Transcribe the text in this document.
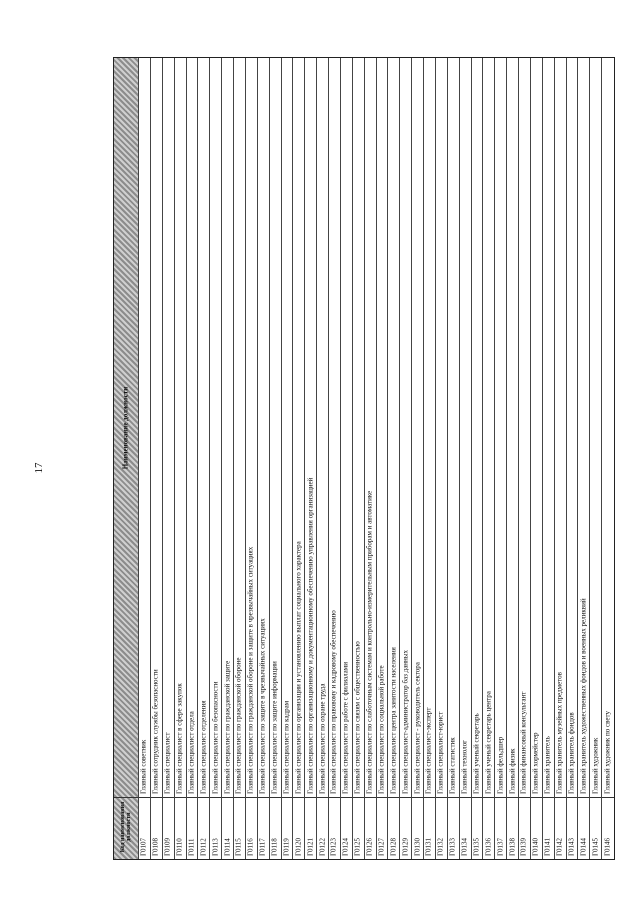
17	Наименование должности
Код наименования должности
Главный советник
Г0107
Главный сотрудник службы безопасности
Г0108
Главный специалист
Г0109
Главный специалист в сфере закупок
Г0110
Главный специалист отдела
Г0111
Главный специалист отделения
Г0112
Главный специалист по безопасности
Г0113
Главный специалист по гражданской защите
Г0114
Главный специалист по гражданской обороне
Г0115
Главный специалист по гражданской обороне и защите в чрезвычайных ситуациях
Г0116
Главный специалист по защите в чрезвычайных ситуациях
Г0117
Главный специалист по защите информации
Г0118
Главный специалист по кадрам
Г0119
Главный специалист по организации и установлению выплат социального характера
Г0120
Главный специалист по организационному и документационному обеспечению управления организацией
Г0121
Главный специалист по охране труда
Г0122
Главный специалист по правовому и кадровому обеспечению
Г0123
Главный специалист по работе с филиалами
Г0124
Главный специалист по связям с общественностью
Г0125
Главный специалист по слаботочным системам и контрольно-измерительным приборам и автоматике
Г0126
Главный специалист по социальной работе
Г0127
Главный специалист центра занятости населения
Г0128
Главный специалист-администратор баз данных
Г0129
Главный специалист - руководитель сектора
Г0130
Главный специалист-эксперт
Г0131
Главный специалист-юрист
Г0132
Главный статистик
Г0133
Главный технолог
Г0134
Главный ученый секретарь
Г0135
Главный ученый секретарь центра
Г0136
Главный фельдшер
Г0137
Главный физик
Г0138
Главный финансовый консультант
Г0139
Главный хормейстер
Г0140
Главный хранитель
Г0141
Главный хранитель музейных предметов
Г0142
Главный хранитель фондов
Г0143
Главный хранитель художественных фондов и военных реликвий
Г0144
Главный художник
Г0145
Главный художник по свету
Г0146
